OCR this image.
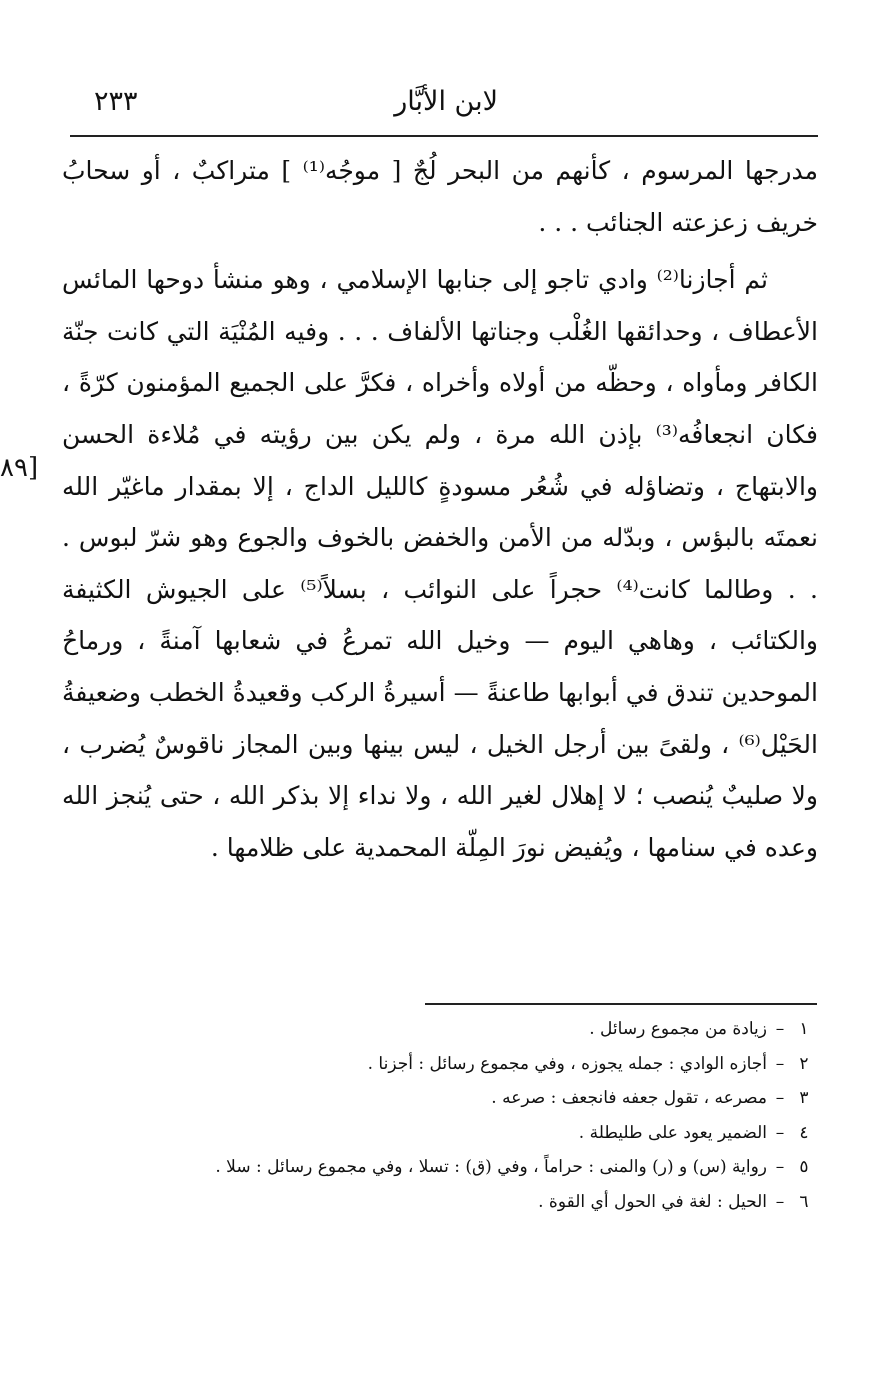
لابن الأبَّار
٢٣٣
٨٩]

مدرجها المرسوم ، كأنهم من البحر لُجٌ [ موجُه⁽¹⁾ ] متراكبٌ ، أو سحابُ خريف زعزعته الجنائب . . .

ثم أجازنا⁽²⁾ وادي تاجو إلى جنابها الإسلامي ، وهو منشأ دوحها المائس الأعطاف ، وحدائقها الغُلْب وجناتها الألفاف . . . وفيه المُنْيَة التي كانت جنّة الكافر ومأواه ، وحظّه من أولاه وأخراه ، فكرَّ على الجميع المؤمنون كرّةً ، فكان انجعافُه⁽³⁾ بإذن الله مرة ، ولم يكن بين رؤيته في مُلاءة الحسن والابتهاج ، وتضاؤله في شُعُر مسودةٍ كالليل الداج ، إلا بمقدار ماغيّر الله نعمتَه بالبؤس ، وبدّله من الأمن والخفض بالخوف والجوع وهو شرّ لبوس . . . وطالما كانت⁽⁴⁾ حجراً على النوائب ، بسلاً⁽⁵⁾ على الجيوش الكثيفة والكتائب ، وهاهي اليوم — وخيل الله تمرعُ في شعابها آمنةً ، ورماحُ الموحدين تندق في أبوابها طاعنةً — أسيرةُ الركب وقعيدةُ الخطب وضعيفةُ الحَيْل⁽⁶⁾ ، ولقىً بين أرجل الخيل ، ليس بينها وبين المجاز ناقوسٌ يُضرب ، ولا صليبٌ يُنصب ؛ لا إهلال لغير الله ، ولا نداء إلا بذكر الله ، حتى يُنجز الله وعده في سنامها ، ويُفيض نورَ المِلّة المحمدية على ظلامها .

١–زيادة من مجموع رسائل .
٢–أجازه الوادي : جمله يجوزه ، وفي مجموع رسائل : أجزنا .
٣–مصرعه ، تقول جعفه فانجعف : صرعه .
٤–الضمير يعود على طليطلة .
٥–رواية (س) و (ر) والمنى : حراماً ، وفي (ق) : تسلا ، وفي مجموع رسائل : سلا .
٦–الحيل : لغة في الحول أي القوة .
